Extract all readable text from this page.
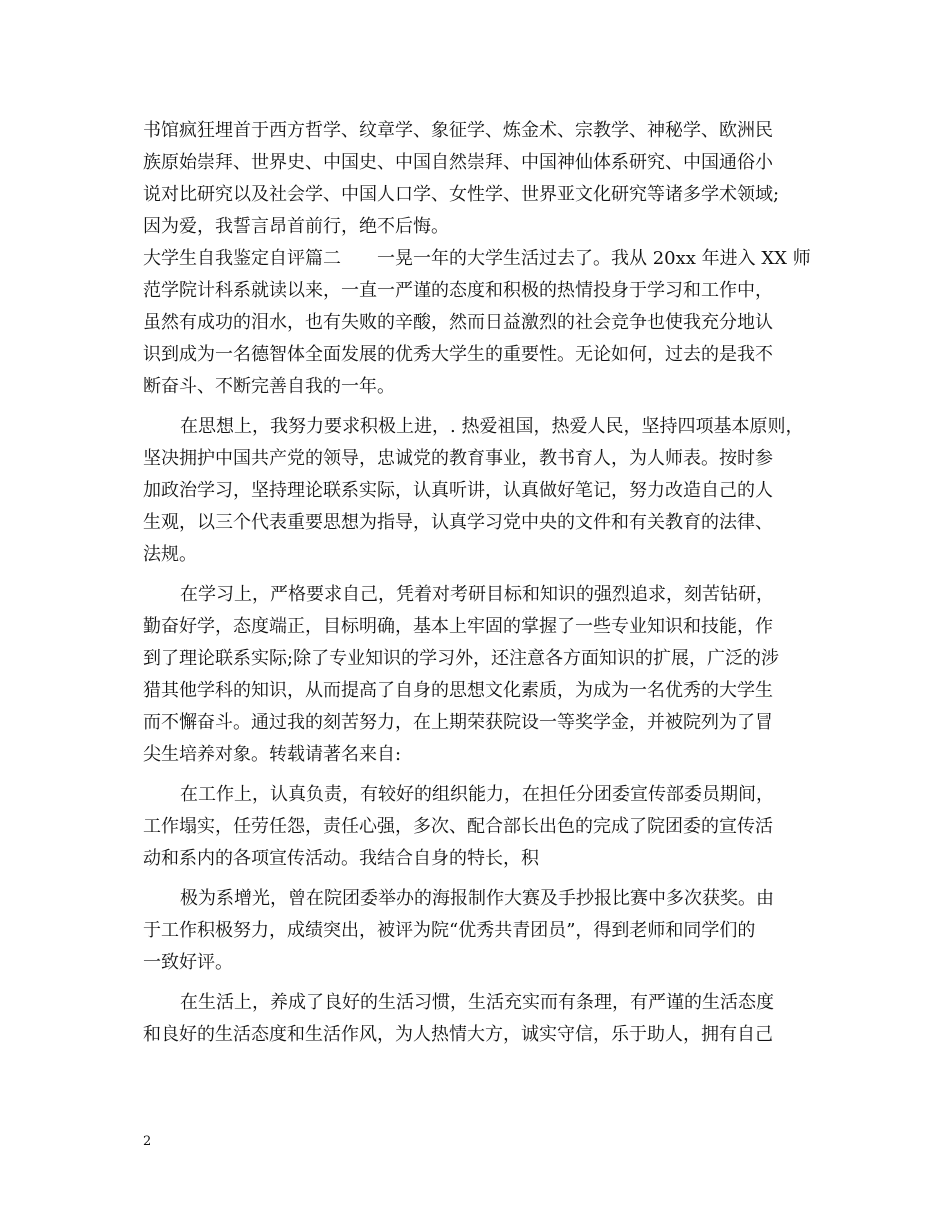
书馆疯狂埋首于西方哲学、纹章学、象征学、炼金术、宗教学、神秘学、欧洲民
族原始崇拜、世界史、中国史、中国自然崇拜、中国神仙体系研究、中国通俗小
说对比研究以及社会学、中国人口学、女性学、世界亚文化研究等诸多学术领域;
因为爱，我誓言昂首前行，绝不后悔。
大学生自我鉴定自评篇二　　一晃一年的大学生活过去了。我从 20xx 年进入 XX 师
范学院计科系就读以来，一直一严谨的态度和积极的热情投身于学习和工作中，
虽然有成功的泪水，也有失败的辛酸，然而日益激烈的社会竞争也使我充分地认
识到成为一名德智体全面发展的优秀大学生的重要性。无论如何，过去的是我不
断奋斗、不断完善自我的一年。
在思想上，我努力要求积极上进，. 热爱祖国，热爱人民，坚持四项基本原则，
坚决拥护中国共产党的领导，忠诚党的教育事业，教书育人，为人师表。按时参
加政治学习，坚持理论联系实际，认真听讲，认真做好笔记，努力改造自己的人
生观，以三个代表重要思想为指导，认真学习党中央的文件和有关教育的法律、
法规。
在学习上，严格要求自己，凭着对考研目标和知识的强烈追求，刻苦钻研，
勤奋好学，态度端正，目标明确，基本上牢固的掌握了一些专业知识和技能，作
到了理论联系实际;除了专业知识的学习外，还注意各方面知识的扩展，广泛的涉
猎其他学科的知识，从而提高了自身的思想文化素质，为成为一名优秀的大学生
而不懈奋斗。通过我的刻苦努力，在上期荣获院设一等奖学金，并被院列为了冒
尖生培养对象。转载请著名来自:
在工作上，认真负责，有较好的组织能力，在担任分团委宣传部委员期间，
工作塌实，任劳任怨，责任心强，多次、配合部长出色的完成了院团委的宣传活
动和系内的各项宣传活动。我结合自身的特长，积
极为系增光，曾在院团委举办的海报制作大赛及手抄报比赛中多次获奖。由
于工作积极努力，成绩突出，被评为院“优秀共青团员”，得到老师和同学们的
一致好评。
在生活上，养成了良好的生活习惯，生活充实而有条理，有严谨的生活态度
和良好的生活态度和生活作风，为人热情大方，诚实守信，乐于助人，拥有自己
2
